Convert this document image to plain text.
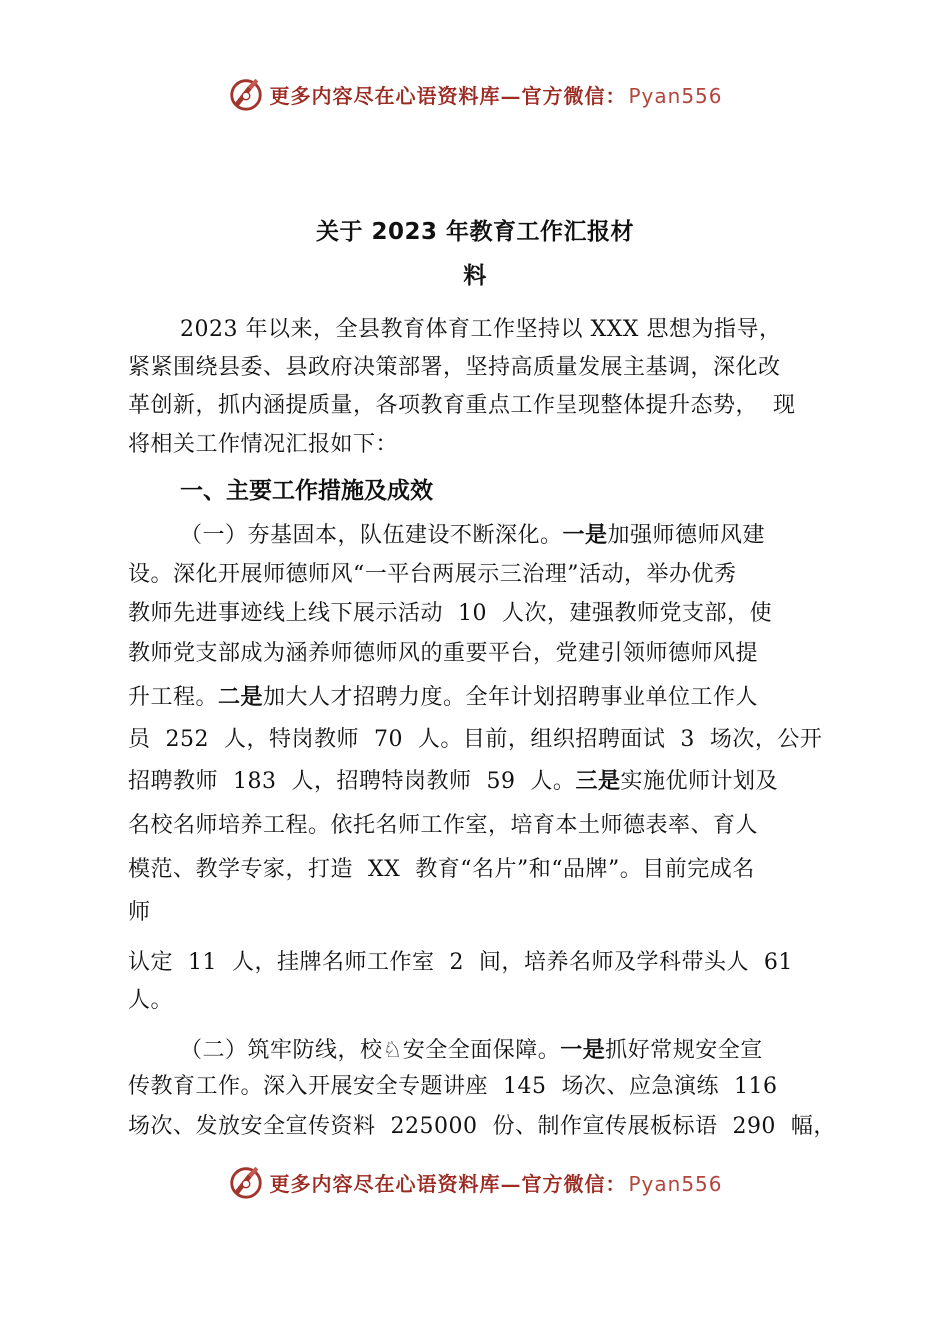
更多内容尽在心语资料库—官方微信： Pyan556
关于 2023 年教育工作汇报材
料
2023 年以来，全县教育体育工作坚持以 XXX 思想为指导，
紧紧围绕县委、县政府决策部署，坚持高质量发展主基调，深化改
革创新，抓内涵提质量，各项教育重点工作呈现整体提升态势，  现
将相关工作情况汇报如下：
一、主要工作措施及成效
（一）夯基固本，队伍建设不断深化。一是加强师德师风建
设。深化开展师德师风“一平台两展示三治理”活动，举办优秀
教师先进事迹线上线下展示活动  10  人次，建强教师党支部，使
教师党支部成为涵养师德师风的重要平台，党建引领师德师风提
升工程。二是加大人才招聘力度。全年计划招聘事业单位工作人
员  252  人，特岗教师  70  人。目前，组织招聘面试  3  场次，公开
招聘教师  183  人，招聘特岗教师  59  人。三是实施优师计划及
名校名师培养工程。依托名师工作室，培育本土师德表率、育人
模范、教学专家，打造  XX  教育“名片”和“品牌”。目前完成名
师
认定  11  人，挂牌名师工作室  2  间，培养名师及学科带头人  61
人。
（二）筑牢防线，校♘安全全面保障。一是抓好常规安全宣
传教育工作。深入开展安全专题讲座  145  场次、应急演练  116
场次、发放安全宣传资料  225000  份、制作宣传展板标语  290  幅，
更多内容尽在心语资料库—官方微信： Pyan556
